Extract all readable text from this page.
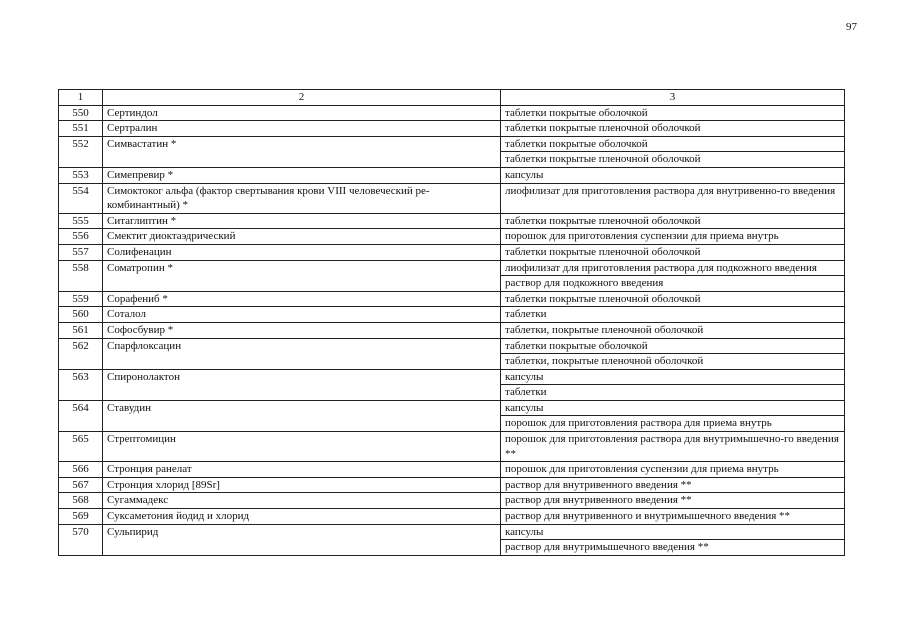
97
1	2	3
550	Сертиндол	таблетки покрытые оболочкой
551	Сертралин	таблетки покрытые пленочной оболочкой
552	Симвастатин *	таблетки покрытые оболочкой
		таблетки покрытые пленочной оболочкой
553	Симепревир *	капсулы
554	Симоктоког альфа (фактор свертывания крови VIII человеческий ре-комбинантный) *	лиофилизат для приготовления раствора для внутривенно-го введения
555	Ситаглиптин *	таблетки покрытые пленочной оболочкой
556	Смектит диоктаэдрический	порошок для приготовления суспензии для приема внутрь
557	Солифенацин	таблетки покрытые пленочной оболочкой
558	Соматропин *	лиофилизат для приготовления раствора для подкожного введения
		раствор для подкожного введения
559	Сорафениб *	таблетки покрытые пленочной оболочкой
560	Соталол	таблетки
561	Софосбувир *	таблетки, покрытые пленочной оболочкой
562	Спарфлоксацин	таблетки покрытые оболочкой
		таблетки, покрытые пленочной оболочкой
563	Спиронолактон	капсулы
		таблетки
564	Ставудин	капсулы
		порошок для приготовления раствора для приема внутрь
565	Стрептомицин	порошок для приготовления раствора для внутримышечно-го введения **
566	Стронция ранелат	порошок для приготовления суспензии для приема внутрь
567	Стронция хлорид [89Sr]	раствор для внутривенного введения **
568	Сугаммадекс	раствор для внутривенного введения **
569	Суксаметония йодид и хлорид	раствор для внутривенного и внутримышечного введения **
570	Сульпирид	капсулы
		раствор для внутримышечного введения **
